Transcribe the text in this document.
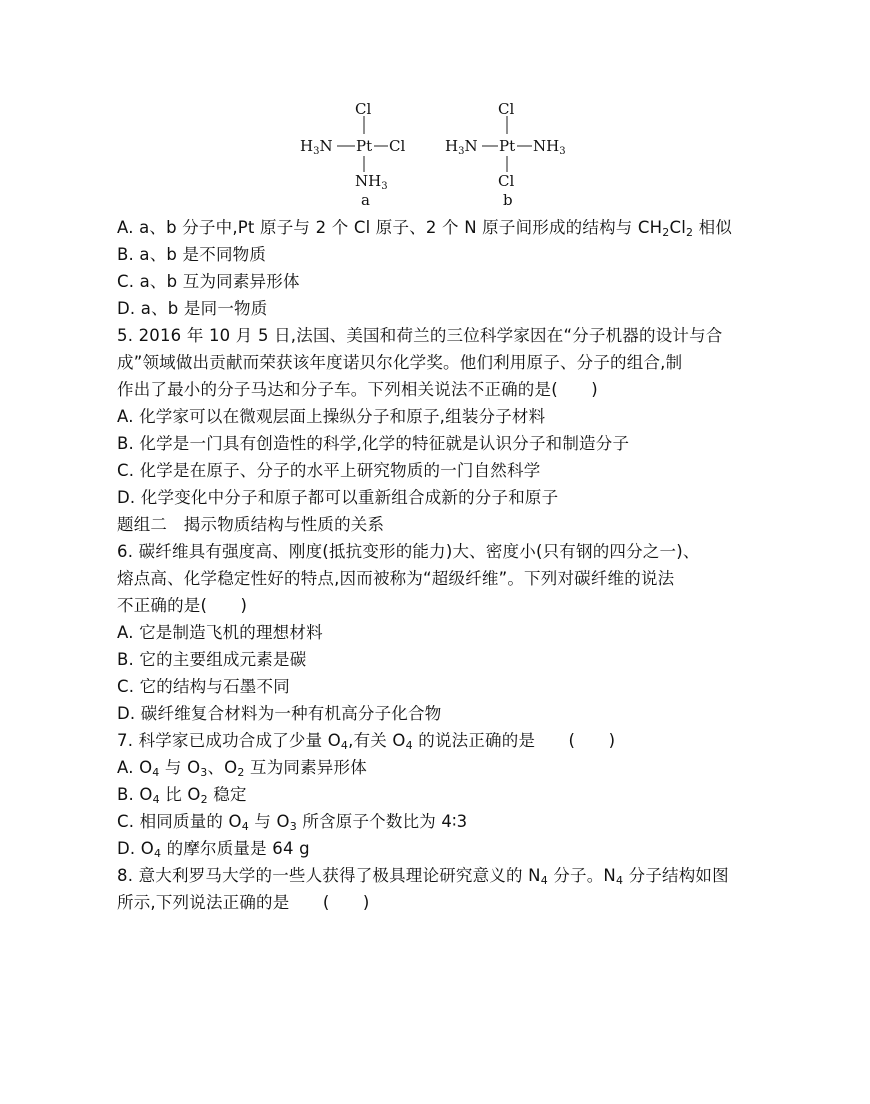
Cl
$H_3N$ Pt Cl
$NH_3$
a
Cl
$H_3N$ Pt $NH_3$
Cl
b
A. a、b 分子中,Pt 原子与 2 个 Cl 原子、2 个 N 原子间形成的结构与 $CH_2Cl_2$ 相似
B. a、b 是不同物质
C. a、b 互为同素异形体
D. a、b 是同一物质
5. 2016 年 10 月 5 日,法国、美国和荷兰的三位科学家因在“分子机器的设计与合
成”领域做出贡献而荣获该年度诺贝尔化学奖。他们利用原子、分子的组合,制
作出了最小的分子马达和分子车。下列相关说法不正确的是(　　)
A. 化学家可以在微观层面上操纵分子和原子,组装分子材料
B. 化学是一门具有创造性的科学,化学的特征就是认识分子和制造分子
C. 化学是在原子、分子的水平上研究物质的一门自然科学
D. 化学变化中分子和原子都可以重新组合成新的分子和原子
题组二　揭示物质结构与性质的关系
6. 碳纤维具有强度高、刚度(抵抗变形的能力)大、密度小(只有钢的四分之一)、
熔点高、化学稳定性好的特点,因而被称为“超级纤维”。下列对碳纤维的说法
不正确的是(　　)
A. 它是制造飞机的理想材料
B. 它的主要组成元素是碳
C. 它的结构与石墨不同
D. 碳纤维复合材料为一种有机高分子化合物
7. 科学家已成功合成了少量 $O_4$,有关 $O_4$ 的说法正确的是　　(　　)
A. $O_4$ 与 $O_3$、$O_2$ 互为同素异形体
B. $O_4$ 比 $O_2$ 稳定
C. 相同质量的 $O_4$ 与 $O_3$ 所含原子个数比为 4∶3
D. $O_4$ 的摩尔质量是 64 g
8. 意大利罗马大学的一些人获得了极具理论研究意义的 $N_4$ 分子。$N_4$ 分子结构如图
所示,下列说法正确的是　　(　　)
